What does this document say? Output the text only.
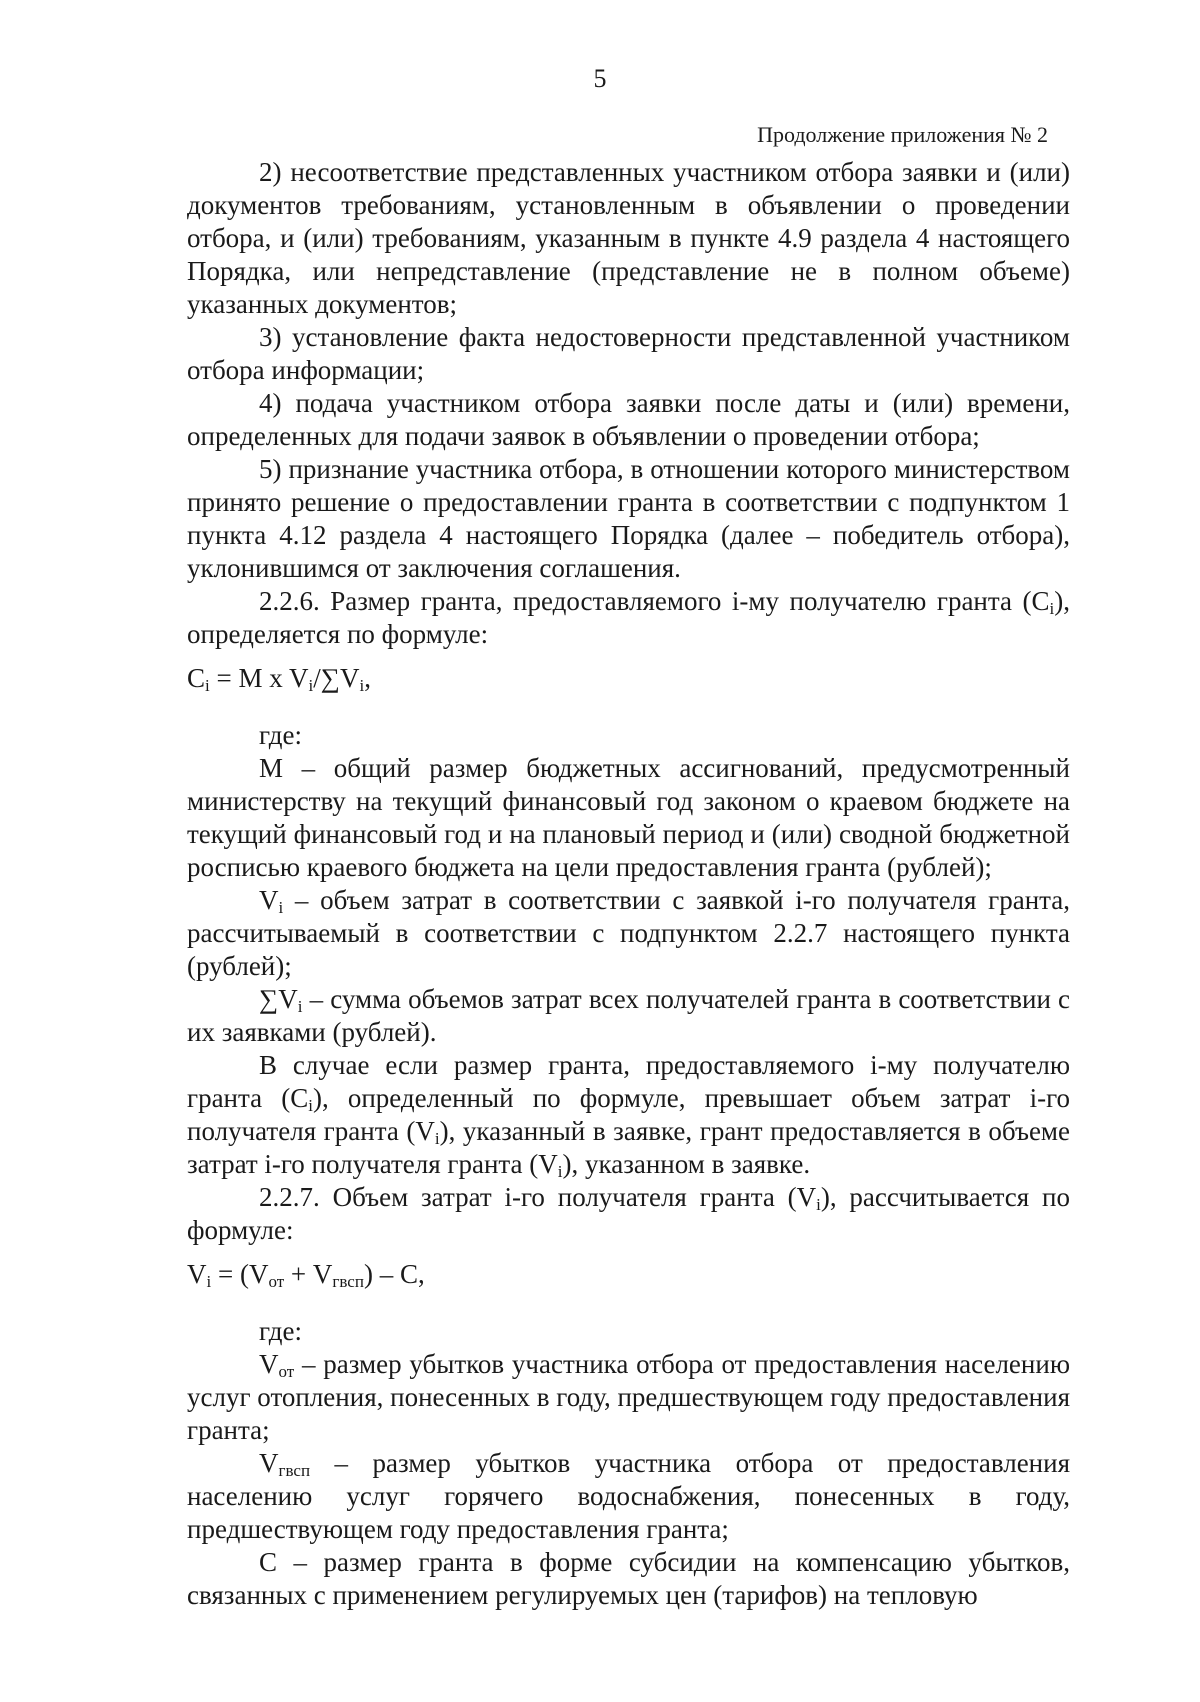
5
Продолжение приложения № 2

2) несоответствие представленных участником отбора заявки и (или) документов требованиям, установленным в объявлении о проведении отбора, и (или) требованиям, указанным в пункте 4.9 раздела 4 настоящего Порядка, или непредставление (представление не в полном объеме) указанных документов;

3) установление факта недостоверности представленной участником отбора информации;

4) подача участником отбора заявки после даты и (или) времени, определенных для подачи заявок в объявлении о проведении отбора;

5) признание участника отбора, в отношении которого министерством принято решение о предоставлении гранта в соответствии с подпунктом 1 пункта 4.12 раздела 4 настоящего Порядка (далее – победитель отбора), уклонившимся от заключения соглашения.

2.2.6. Размер гранта, предоставляемого i-му получателю гранта $(C_i)$, определяется по формуле:

$C_i = M$ x $V_i/\sum V_i$,

где:

M – общий размер бюджетных ассигнований, предусмотренный министерству на текущий финансовый год законом о краевом бюджете на текущий финансовый год и на плановый период и (или) сводной бюджетной росписью краевого бюджета на цели предоставления гранта (рублей);

$V_i$ – объем затрат в соответствии с заявкой i-го получателя гранта, рассчитываемый в соответствии с подпунктом 2.2.7 настоящего пункта (рублей);

$\sum V_i$ – сумма объемов затрат всех получателей гранта в соответствии с их заявками (рублей).

В случае если размер гранта, предоставляемого i-му получателю гранта $(C_i)$, определенный по формуле, превышает объем затрат i-го получателя гранта $(V_i)$, указанный в заявке, грант предоставляется в объеме затрат i-го получателя гранта $(V_i)$, указанном в заявке.

2.2.7. Объем затрат i-го получателя гранта $(V_i)$, рассчитывается по формуле:

$V_i = (V_{от} + V_{гвсп}) - C$,

где:

$V_{от}$ – размер убытков участника отбора от предоставления населению услуг отопления, понесенных в году, предшествующем году предоставления гранта;

$V_{гвсп}$ – размер убытков участника отбора от предоставления населению услуг горячего водоснабжения, понесенных в году, предшествующем году предоставления гранта;

C – размер гранта в форме субсидии на компенсацию убытков, связанных с применением регулируемых цен (тарифов) на тепловую
